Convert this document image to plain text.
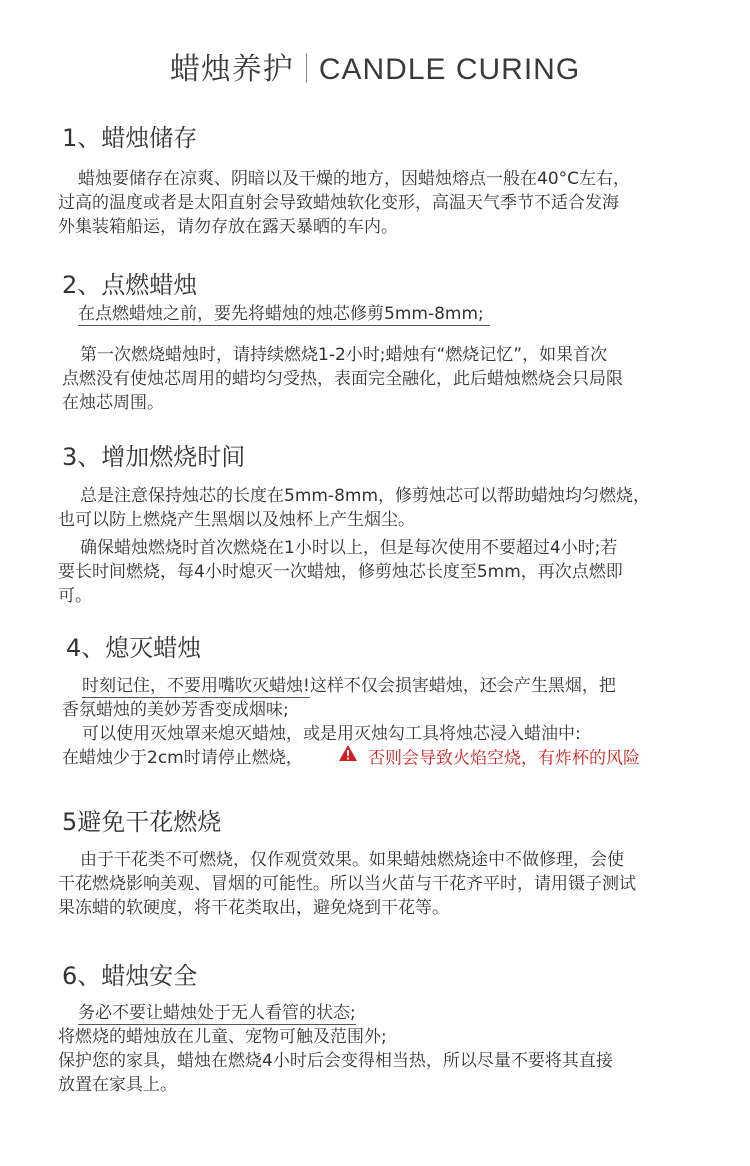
蜡烛养护 CANDLE CURING
1、蜡烛储存
蜡烛要储存在凉爽、阴暗以及干燥的地方，因蜡烛熔点一般在40°C左右，
过高的温度或者是太阳直射会导致蜡烛软化变形，高温天气季节不适合发海
外集装箱船运，请勿存放在露天暴晒的车内。
2、点燃蜡烛
在点燃蜡烛之前，要先将蜡烛的烛芯修剪5mm-8mm;
第一次燃烧蜡烛时，请持续燃烧1-2小时;蜡烛有“燃烧记忆”，如果首次
点燃没有使烛芯周用的蜡均匀受热，表面完全融化，此后蜡烛燃烧会只局限
在烛芯周围。
3、增加燃烧时间
总是注意保持烛芯的长度在5mm-8mm，修剪烛芯可以帮助蜡烛均匀燃烧，
也可以防上燃烧产生黑烟以及烛杯上产生烟尘。
确保蜡烛燃烧时首次燃烧在1小时以上，但是每次使用不要超过4小时;若
要长时间燃烧，每4小时熄灭一次蜡烛，修剪烛芯长度至5mm，再次点燃即
可。
4、熄灭蜡烛
时刻记住，不要用嘴吹灭蜡烛!这样不仅会损害蜡烛，还会产生黑烟，把
香氛蜡烛的美妙芳香变成烟味;
可以使用灭烛罩来熄灭蜡烛，或是用灭烛勾工具将烛芯浸入蜡油中:
在蜡烛少于2cm时请停止燃烧，	否则会导致火焰空烧，有炸杯的风险
5避免干花燃烧
由于干花类不可燃烧，仅作观赏效果。如果蜡烛燃烧途中不做修理，会使
干花燃烧影响美观、冒烟的可能性。所以当火苗与干花齐平时，请用镊子测试
果冻蜡的软硬度，将干花类取出，避免烧到干花等。
6、蜡烛安全
务必不要让蜡烛处于无人看管的状态;
将燃烧的蜡烛放在儿童、宠物可触及范围外;
保护您的家具，蜡烛在燃烧4小时后会变得相当热，所以尽量不要将其直接
放置在家具上。
